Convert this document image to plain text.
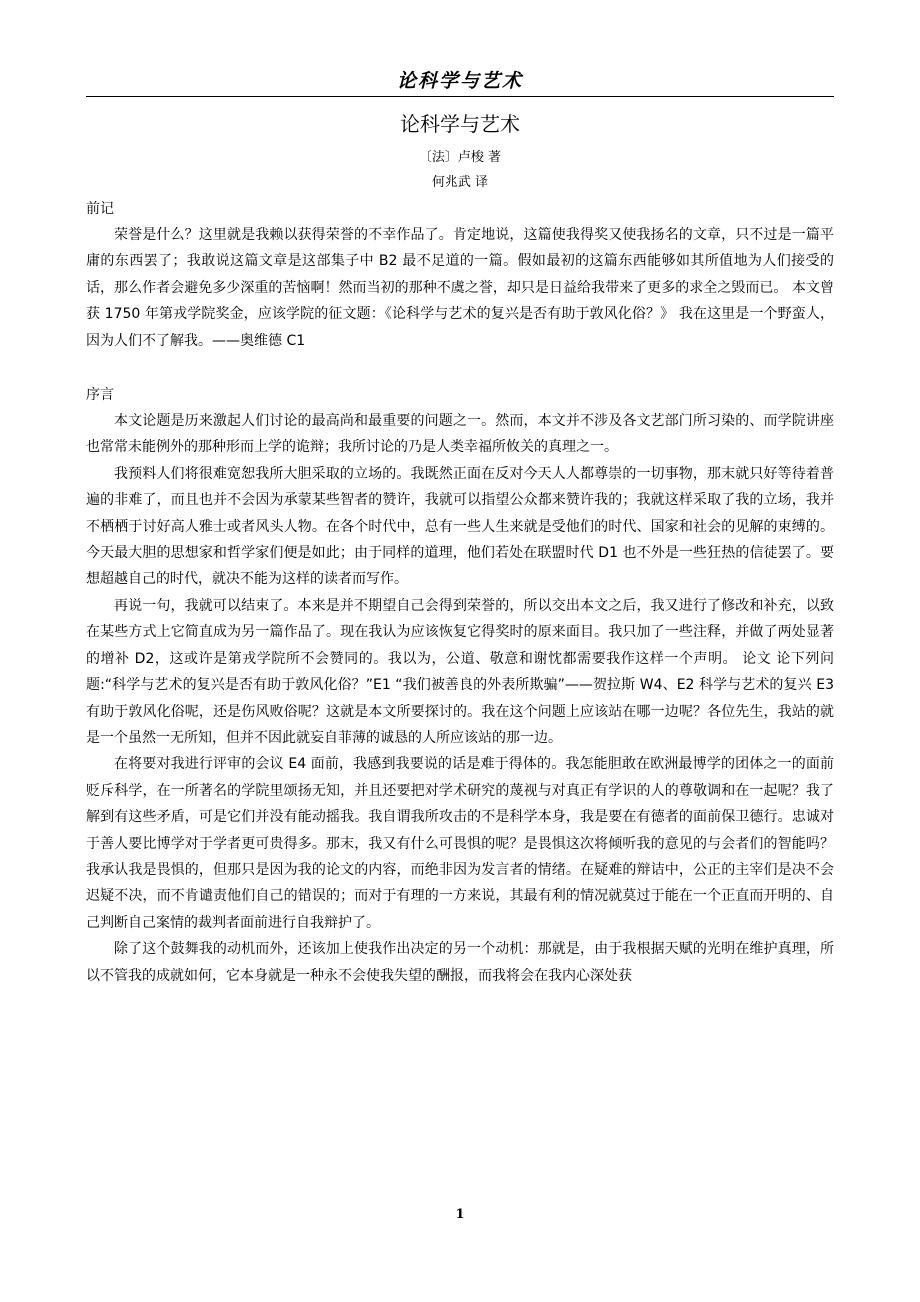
论科学与艺术
论科学与艺术
〔法〕卢梭 著
何兆武 译

前记

荣誉是什么？这里就是我赖以获得荣誉的不幸作品了。肯定地说，这篇使我得奖又使我扬名的文章，只不过是一篇平庸的东西罢了；我敢说这篇文章是这部集子中 B2 最不足道的一篇。假如最初的这篇东西能够如其所值地为人们接受的话，那么作者会避免多少深重的苦恼啊！然而当初的那种不虞之誉，却只是日益给我带来了更多的求全之毁而已。 本文曾获 1750 年第戎学院奖金，应该学院的征文题：《论科学与艺术的复兴是否有助于敦风化俗？》 我在这里是一个野蛮人，因为人们不了解我。——奥维德 C1

序言

本文论题是历来激起人们讨论的最高尚和最重要的问题之一。然而，本文并不涉及各文艺部门所习染的、而学院讲座也常常未能例外的那种形而上学的诡辩；我所讨论的乃是人类幸福所攸关的真理之一。

我预料人们将很难宽恕我所大胆采取的立场的。我既然正面在反对今天人人都尊崇的一切事物，那末就只好等待着普遍的非难了，而且也并不会因为承蒙某些智者的赞许，我就可以指望公众都来赞许我的；我就这样采取了我的立场，我并不栖栖于讨好高人雅士或者风头人物。在各个时代中，总有一些人生来就是受他们的时代、国家和社会的见解的束缚的。今天最大胆的思想家和哲学家们便是如此；由于同样的道理，他们若处在联盟时代 D1 也不外是一些狂热的信徒罢了。要想超越自己的时代，就决不能为这样的读者而写作。

再说一句，我就可以结束了。本来是并不期望自己会得到荣誉的，所以交出本文之后，我又进行了修改和补充，以致在某些方式上它简直成为另一篇作品了。现在我认为应该恢复它得奖时的原来面目。我只加了一些注释，并做了两处显著的增补 D2，这或许是第戎学院所不会赞同的。我以为，公道、敬意和谢忱都需要我作这样一个声明。 论文 论下列问题:“科学与艺术的复兴是否有助于敦风化俗？”E1 “我们被善良的外表所欺骗”——贺拉斯 W4、E2 科学与艺术的复兴 E3 有助于敦风化俗呢，还是伤风败俗呢？这就是本文所要探讨的。我在这个问题上应该站在哪一边呢？各位先生，我站的就是一个虽然一无所知，但并不因此就妄自菲薄的诚恳的人所应该站的那一边。

在将要对我进行评审的会议 E4 面前，我感到我要说的话是难于得体的。我怎能胆敢在欧洲最博学的团体之一的面前贬斥科学，在一所著名的学院里颂扬无知，并且还要把对学术研究的蔑视与对真正有学识的人的尊敬调和在一起呢？我了解到有这些矛盾，可是它们并没有能动摇我。我自谓我所攻击的不是科学本身，我是要在有德者的面前保卫德行。忠诚对于善人要比博学对于学者更可贵得多。那末，我又有什么可畏惧的呢？是畏惧这次将倾听我的意见的与会者们的智能吗？我承认我是畏惧的，但那只是因为我的论文的内容，而绝非因为发言者的情绪。在疑难的辩诘中，公正的主宰们是决不会迟疑不决，而不肯谴责他们自己的错误的；而对于有理的一方来说，其最有利的情况就莫过于能在一个正直而开明的、自己判断自己案情的裁判者面前进行自我辩护了。

除了这个鼓舞我的动机而外，还该加上使我作出决定的另一个动机：那就是，由于我根据天赋的光明在维护真理，所以不管我的成就如何，它本身就是一种永不会使我失望的酬报，而我将会在我内心深处获

1
